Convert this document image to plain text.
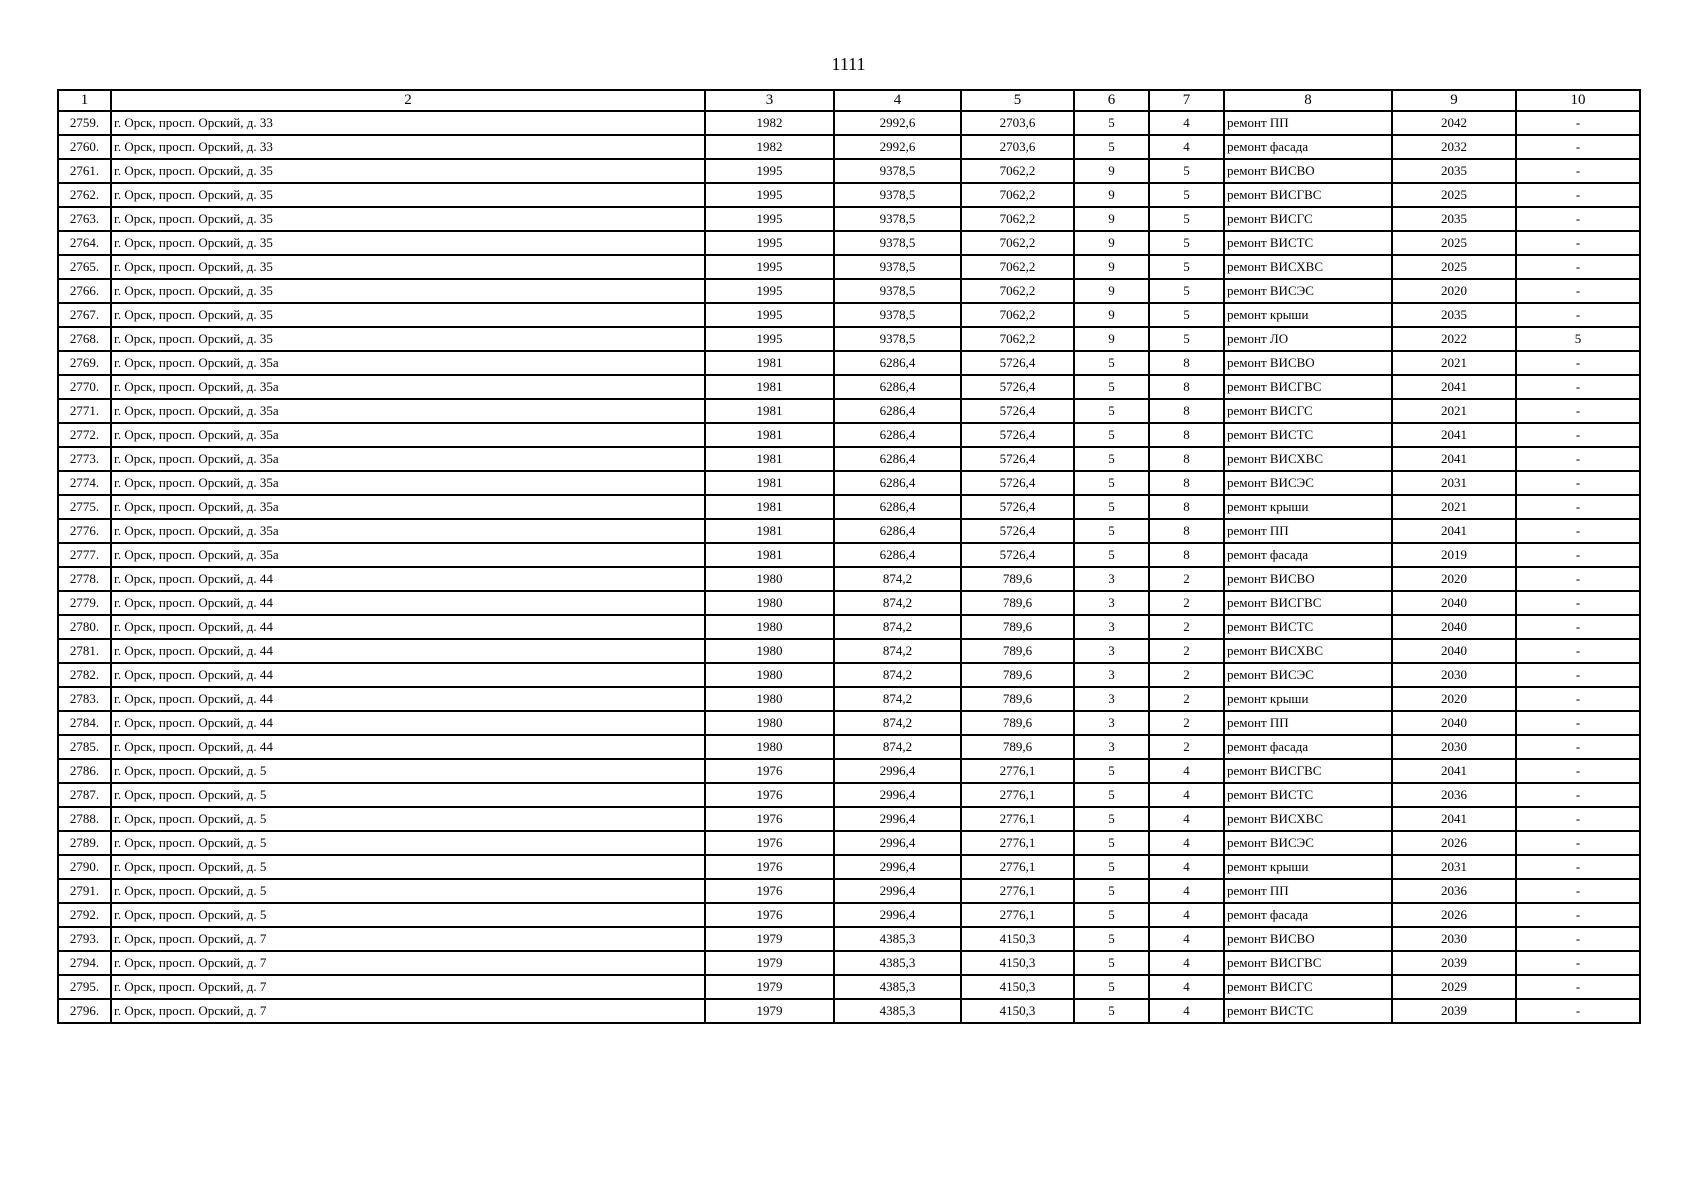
1111
1	2	3	4	5	6	7	8	9	10
2759.	г. Орск, просп. Орский, д. 33	1982	2992,6	2703,6	5	4	ремонт ПП	2042	-
2760.	г. Орск, просп. Орский, д. 33	1982	2992,6	2703,6	5	4	ремонт фасада	2032	-
2761.	г. Орск, просп. Орский, д. 35	1995	9378,5	7062,2	9	5	ремонт ВИСВО	2035	-
2762.	г. Орск, просп. Орский, д. 35	1995	9378,5	7062,2	9	5	ремонт ВИСГВС	2025	-
2763.	г. Орск, просп. Орский, д. 35	1995	9378,5	7062,2	9	5	ремонт ВИСГС	2035	-
2764.	г. Орск, просп. Орский, д. 35	1995	9378,5	7062,2	9	5	ремонт ВИСТС	2025	-
2765.	г. Орск, просп. Орский, д. 35	1995	9378,5	7062,2	9	5	ремонт ВИСХВС	2025	-
2766.	г. Орск, просп. Орский, д. 35	1995	9378,5	7062,2	9	5	ремонт ВИСЭС	2020	-
2767.	г. Орск, просп. Орский, д. 35	1995	9378,5	7062,2	9	5	ремонт крыши	2035	-
2768.	г. Орск, просп. Орский, д. 35	1995	9378,5	7062,2	9	5	ремонт ЛО	2022	5
2769.	г. Орск, просп. Орский, д. 35а	1981	6286,4	5726,4	5	8	ремонт ВИСВО	2021	-
2770.	г. Орск, просп. Орский, д. 35а	1981	6286,4	5726,4	5	8	ремонт ВИСГВС	2041	-
2771.	г. Орск, просп. Орский, д. 35а	1981	6286,4	5726,4	5	8	ремонт ВИСГС	2021	-
2772.	г. Орск, просп. Орский, д. 35а	1981	6286,4	5726,4	5	8	ремонт ВИСТС	2041	-
2773.	г. Орск, просп. Орский, д. 35а	1981	6286,4	5726,4	5	8	ремонт ВИСХВС	2041	-
2774.	г. Орск, просп. Орский, д. 35а	1981	6286,4	5726,4	5	8	ремонт ВИСЭС	2031	-
2775.	г. Орск, просп. Орский, д. 35а	1981	6286,4	5726,4	5	8	ремонт крыши	2021	-
2776.	г. Орск, просп. Орский, д. 35а	1981	6286,4	5726,4	5	8	ремонт ПП	2041	-
2777.	г. Орск, просп. Орский, д. 35а	1981	6286,4	5726,4	5	8	ремонт фасада	2019	-
2778.	г. Орск, просп. Орский, д. 44	1980	874,2	789,6	3	2	ремонт ВИСВО	2020	-
2779.	г. Орск, просп. Орский, д. 44	1980	874,2	789,6	3	2	ремонт ВИСГВС	2040	-
2780.	г. Орск, просп. Орский, д. 44	1980	874,2	789,6	3	2	ремонт ВИСТС	2040	-
2781.	г. Орск, просп. Орский, д. 44	1980	874,2	789,6	3	2	ремонт ВИСХВС	2040	-
2782.	г. Орск, просп. Орский, д. 44	1980	874,2	789,6	3	2	ремонт ВИСЭС	2030	-
2783.	г. Орск, просп. Орский, д. 44	1980	874,2	789,6	3	2	ремонт крыши	2020	-
2784.	г. Орск, просп. Орский, д. 44	1980	874,2	789,6	3	2	ремонт ПП	2040	-
2785.	г. Орск, просп. Орский, д. 44	1980	874,2	789,6	3	2	ремонт фасада	2030	-
2786.	г. Орск, просп. Орский, д. 5	1976	2996,4	2776,1	5	4	ремонт ВИСГВС	2041	-
2787.	г. Орск, просп. Орский, д. 5	1976	2996,4	2776,1	5	4	ремонт ВИСТС	2036	-
2788.	г. Орск, просп. Орский, д. 5	1976	2996,4	2776,1	5	4	ремонт ВИСХВС	2041	-
2789.	г. Орск, просп. Орский, д. 5	1976	2996,4	2776,1	5	4	ремонт ВИСЭС	2026	-
2790.	г. Орск, просп. Орский, д. 5	1976	2996,4	2776,1	5	4	ремонт крыши	2031	-
2791.	г. Орск, просп. Орский, д. 5	1976	2996,4	2776,1	5	4	ремонт ПП	2036	-
2792.	г. Орск, просп. Орский, д. 5	1976	2996,4	2776,1	5	4	ремонт фасада	2026	-
2793.	г. Орск, просп. Орский, д. 7	1979	4385,3	4150,3	5	4	ремонт ВИСВО	2030	-
2794.	г. Орск, просп. Орский, д. 7	1979	4385,3	4150,3	5	4	ремонт ВИСГВС	2039	-
2795.	г. Орск, просп. Орский, д. 7	1979	4385,3	4150,3	5	4	ремонт ВИСГС	2029	-
2796.	г. Орск, просп. Орский, д. 7	1979	4385,3	4150,3	5	4	ремонт ВИСТС	2039	-
